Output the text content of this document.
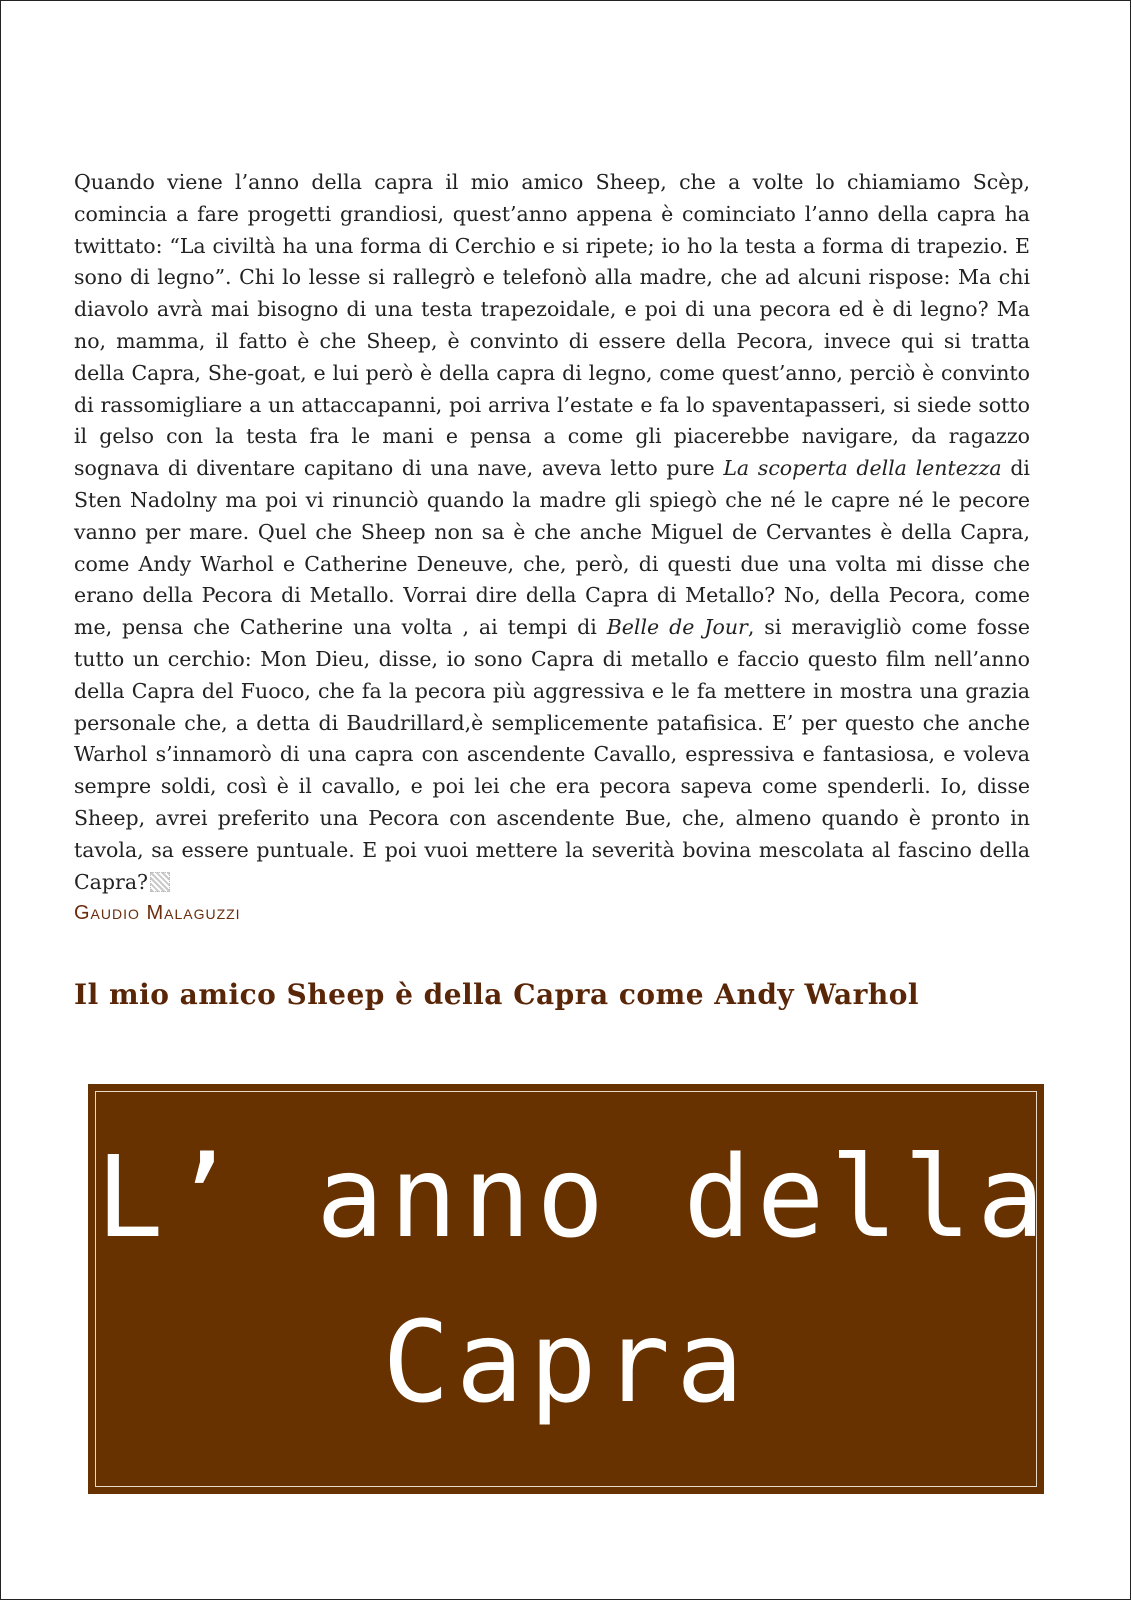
Quando viene l’anno della capra il mio amico Sheep, che a volte lo chiamiamo Scèp, comincia a fare progetti grandiosi, quest’anno appena è cominciato l’anno della capra ha twittato: “La civiltà ha una forma di Cerchio e si ripete; io ho la testa a forma di trapezio. E sono di legno”. Chi lo lesse si rallegrò e telefonò alla madre, che ad alcuni rispose: Ma chi diavolo avrà mai bisogno di una testa trapezoidale, e poi di una pecora ed è di legno? Ma no, mamma, il fatto è che Sheep, è convinto di essere della Pecora, invece qui si tratta della Capra, She-goat, e lui però è della capra di legno, come quest’anno, perciò è convinto di rassomigliare a un attaccapanni, poi arriva l’estate e fa lo spaventapasseri, si siede sotto il gelso con la testa fra le mani e pensa a come gli piacerebbe navigare, da ragazzo sognava di diventare capitano di una nave, aveva letto pure La scoperta della lentezza di Sten Nadolny ma poi vi rinunciò quando la madre gli spiegò che né le capre né le pecore vanno per mare. Quel che Sheep non sa è che anche Miguel de Cervantes è della Capra, come Andy Warhol e Catherine Deneuve, che, però, di questi due una volta mi disse che erano della Pecora di Metallo. Vorrai dire della Capra di Metallo? No, della Pecora, come me, pensa che Catherine una volta , ai tempi di Belle de Jour, si meravigliò come fosse tutto un cerchio: Mon Dieu, disse, io sono Capra di metallo e faccio questo film nell’anno della Capra del Fuoco, che fa la pecora più aggressiva e le fa mettere in mostra una grazia personale che, a detta di Baudrillard,è semplicemente patafisica. E’ per questo che anche Warhol s’innamorò di una capra con ascendente Cavallo, espressiva e fantasiosa, e voleva sempre soldi, così è il cavallo, e poi lei che era pecora sapeva come spenderli. Io, disse Sheep, avrei preferito una Pecora con ascendente Bue, che, almeno quando è pronto in tavola, sa essere puntuale. E poi vuoi mettere la severità bovina mescolata al fascino della Capra?

Gaudio Malaguzzi
Il mio amico Sheep è della Capra come Andy Warhol
L’ anno della
Capra
